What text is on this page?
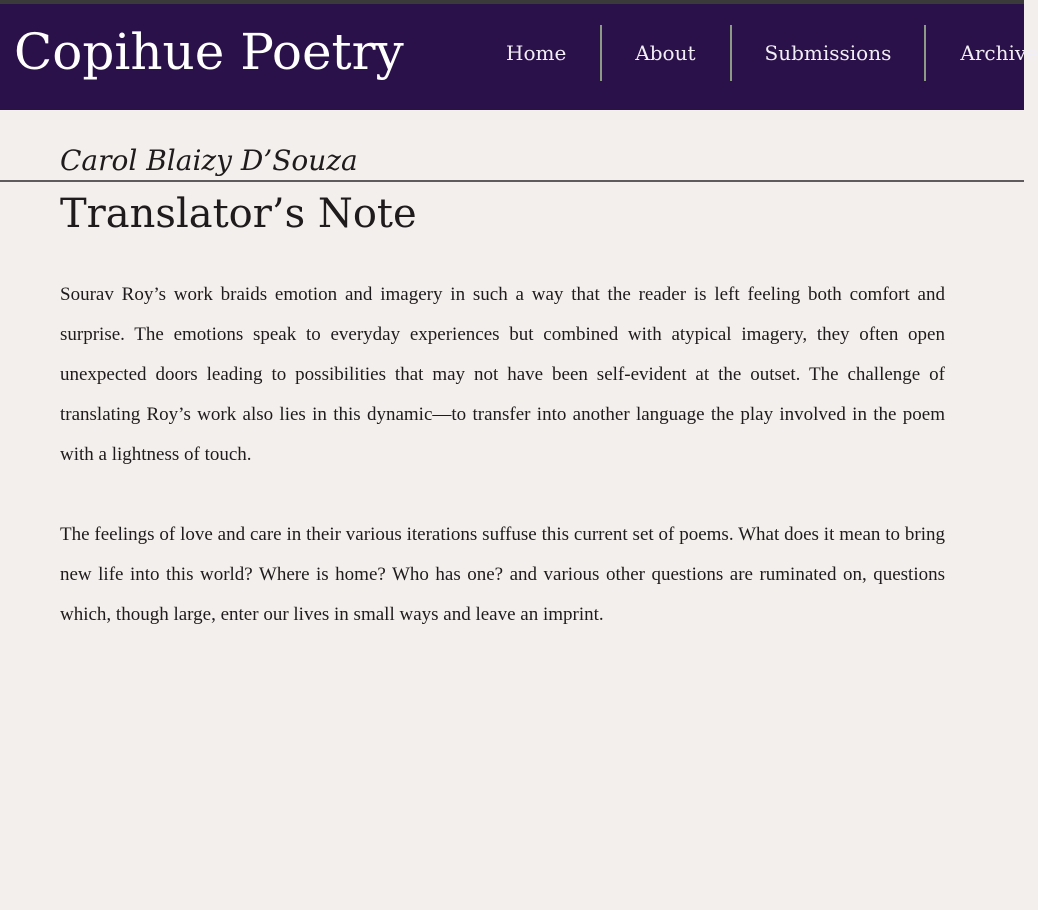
Copihue Poetry	Home	About	Submissions	Archive
Carol Blaizy D’Souza
Translator’s Note

Sourav Roy’s work braids emotion and imagery in such a way that the reader is left feeling both comfort and surprise. The emotions speak to everyday experiences but combined with atypical imagery, they often open unexpected doors leading to possibilities that may not have been self-evident at the outset. The challenge of translating Roy’s work also lies in this dynamic—to transfer into another language the play involved in the poem with a lightness of touch.

The feelings of love and care in their various iterations suffuse this current set of poems. What does it mean to bring new life into this world? Where is home? Who has one? and various other questions are ruminated on, questions which, though large, enter our lives in small ways and leave an imprint.
